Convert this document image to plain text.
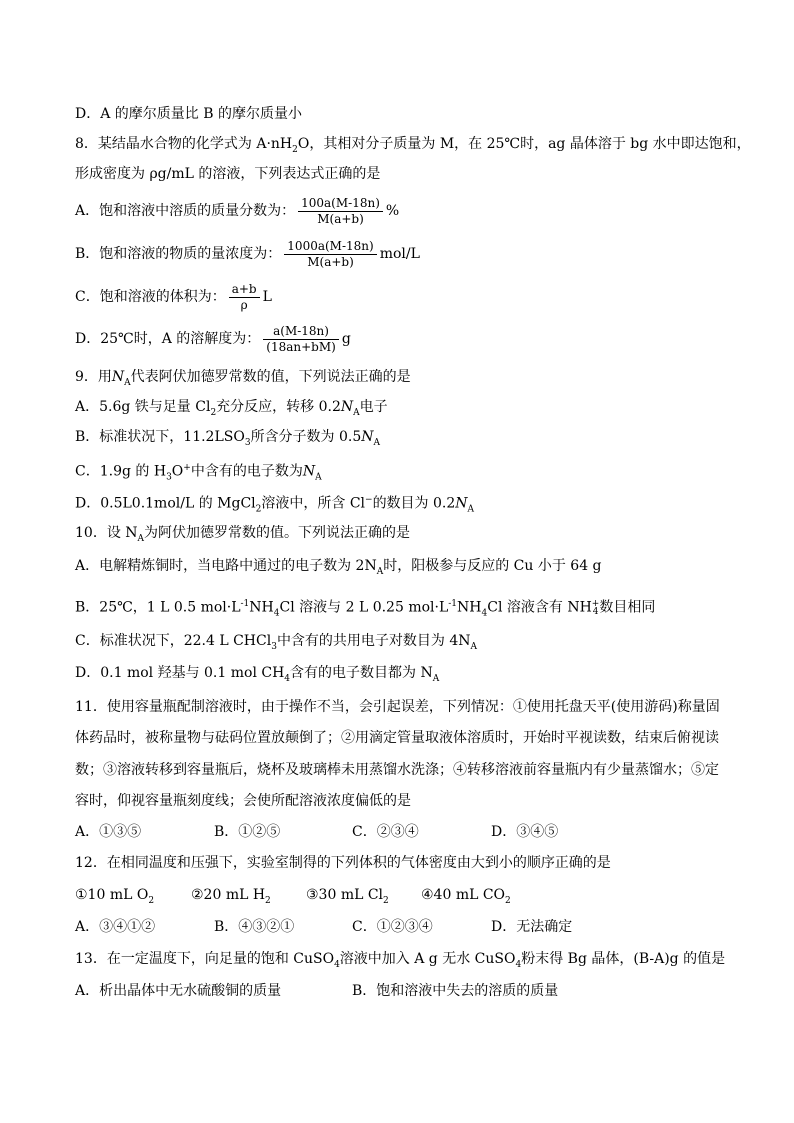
D．A 的摩尔质量比 B 的摩尔质量小
8．某结晶水合物的化学式为 $A\cdot nH_2O$，其相对分子质量为 M，在 25℃时，ag 晶体溶于 bg 水中即达饱和，
形成密度为 ρg/mL 的溶液，下列表达式正确的是
A．饱和溶液中溶质的质量分数为： $\frac{100a(M-18n)}{M(a+b)}$ %
B．饱和溶液的物质的量浓度为： $\frac{1000a(M-18n)}{M(a+b)} mol/L$
C．饱和溶液的体积为： $\frac{a+b}{\rho}$ L
D．25℃时，A 的溶解度为： $\frac{a(M-18n)}{(18an+bM)}$ g
9．用$N_A$代表阿伏加德罗常数的值，下列说法正确的是
A．5.6g 铁与足量 $Cl_2$充分反应，转移 $0.2N_A$电子
B．标准状况下，$11.2LSO_3$所含分子数为 $0.5N_A$
C．1.9g 的 $H_3O^+$中含有的电子数为$N_A$
D．0.5L0.1mol/L 的 MgCl$_2$溶液中，所含 Cl−的数目为 $0.2N_A$
10．设 $N_A$为阿伏加德罗常数的值。下列说法正确的是
A．电解精炼铜时，当电路中通过的电子数为 $2N_A$时，阳极参与反应的 Cu 小于 64 g
B．25℃，1 L 0.5 $mol\cdot L^{-1}NH_4Cl$ 溶液与 2 L 0.25 $mol\cdot L^{-1}NH_4Cl$ 溶液含有 NH +
4 数目相同
C．标准状况下，22.4 L CHCl$_3$中含有的共用电子对数目为 $4N_A$
D．0.1 mol 羟基与 0.1 mol $CH_4$含有的电子数目都为 $N_A$
11．使用容量瓶配制溶液时，由于操作不当，会引起误差，下列情况：①使用托盘天平(使用游码)称量固
体药品时，被称量物与砝码位置放颠倒了；②用滴定管量取液体溶质时，开始时平视读数，结束后俯视读
数；③溶液转移到容量瓶后，烧杯及玻璃棒未用蒸馏水洗涤；④转移溶液前容量瓶内有少量蒸馏水；⑤定
容时，仰视容量瓶刻度线；会使所配溶液浓度偏低的是
A．①③⑤	B．①②⑤	C．②③④	D．③④⑤
12．在相同温度和压强下，实验室制得的下列体积的气体密度由大到小的顺序正确的是
①10 mL $O_2$	②20 mL $H_2$	③30 mL $Cl_2$ ④40 mL $CO_2$
A．③④①②	B．④③②①	C．①②③④	D．无法确定
13．在一定温度下，向足量的饱和 CuSO$_4$溶液中加入 A g 无水 CuSO$_4$粉末得 Bg 晶体，(B-A)g 的值是
A．析出晶体中无水硫酸铜的质量	B．饱和溶液中失去的溶质的质量
